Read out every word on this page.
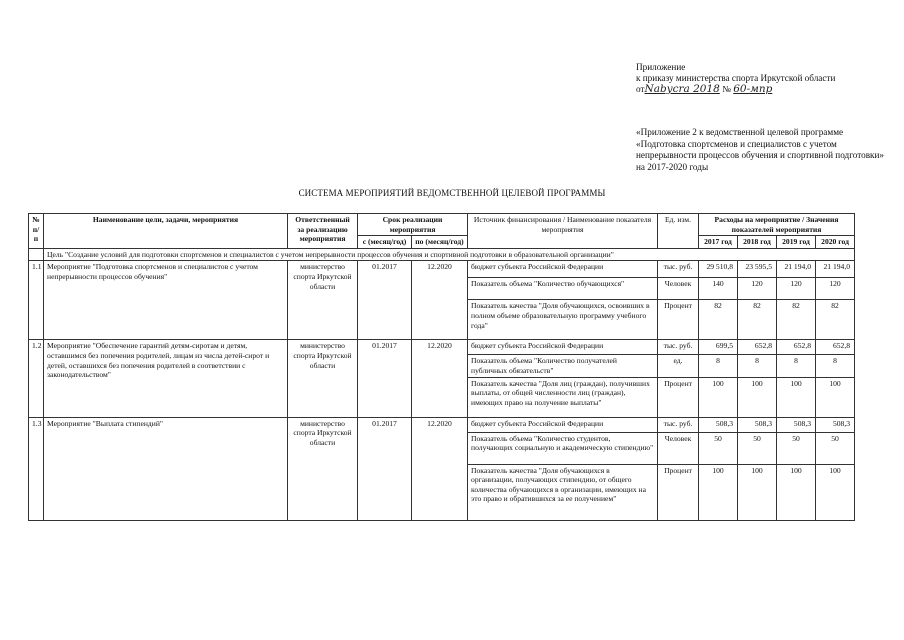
Приложение
к приказу министерства спорта Иркутской области
отNabycra 2018 № 60-мпр
«Приложение 2 к ведомственной целевой программе «Подготовка спортсменов и специалистов с учетом непрерывности процессов обучения и спортивной подготовки» на 2017-2020 годы
СИСТЕМА МЕРОПРИЯТИЙ ВЕДОМСТВЕННОЙ ЦЕЛЕВОЙ ПРОГРАММЫ
№ п/п	Наименование цели, задачи, мероприятия	Ответственный за реализацию мероприятия	Срок реализации мероприятия		Источник финансирования / Наименование показателя мероприятия	Ед. изм.	Расходы на мероприятие / Значения показателей мероприятия			
			с (месяц/год)	по (месяц/год)			2017 год	2018 год	2019 год	2020 год
	Цель "Создание условий для подготовки спортсменов и специалистов с учетом непрерывности процессов обучения и спортивной подготовки в образовательной организации"									
1.1	Мероприятие "Подготовка спортсменов и специалистов с учетом непрерывности процессов обучения"	министерство спорта Иркутской области	01.2017	12.2020	бюджет субъекта Российской Федерации	тыс. руб.	29 510,8	23 595,5	21 194,0	21 194,0
					Показатель объема "Количество обучающихся"	Человек	140	120	120	120
					Показатель качества "Доля обучающихся, освоивших в полном объеме образовательную программу учебного года"	Процент	82	82	82	82
1.2	Мероприятие "Обеспечение гарантий детям-сиротам и детям, оставшимся без попечения родителей, лицам из числа детей-сирот и детей, оставшихся без попечения родителей в соответствии с законодательством"	министерство спорта Иркутской области	01.2017	12.2020	бюджет субъекта Российской Федерации	тыс. руб.	699,5	652,8	652,8	652,8
					Показатель объема "Количество получателей публичных обязательств"	ед.	8	8	8	8
					Показатель качества "Доля лиц (граждан), получивших выплаты, от общей численности лиц (граждан), имеющих право на получение выплаты"	Процент	100	100	100	100
1.3	Мероприятие "Выплата стипендий"	министерство спорта Иркутской области	01.2017	12.2020	бюджет субъекта Российской Федерации	тыс. руб.	508,3	508,3	508,3	508,3
					Показатель объема "Количество студентов, получающих социальную и академическую стипендию"	Человек	50	50	50	50
					Показатель качества "Доля обучающихся в организации, получающих стипендию, от общего количества обучающихся в организации, имеющих на это право и обратившихся за ее получением"	Процент	100	100	100	100
